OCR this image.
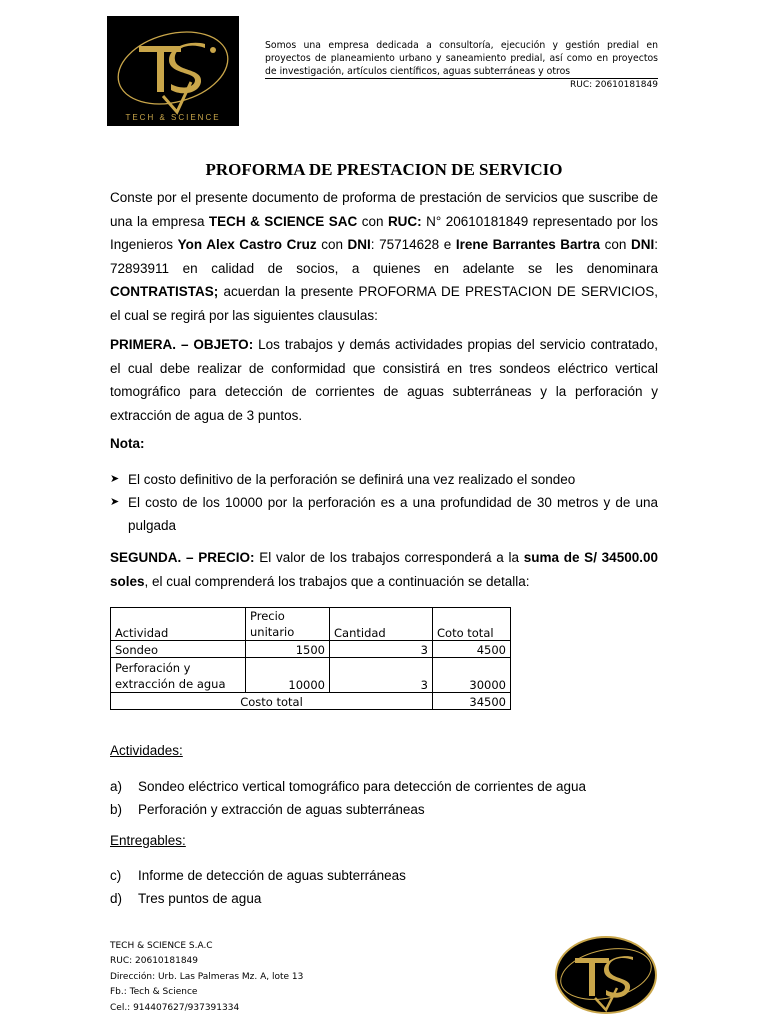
TECH & SCIENCE
Somos una empresa dedicada a consultoría, ejecución y gestión predial en proyectos de planeamiento urbano y saneamiento predial, así como en proyectos de investigación, artículos científicos, aguas subterráneas y otros
RUC: 20610181849
PROFORMA DE PRESTACION DE SERVICIO
Conste por el presente documento de proforma de prestación de servicios que suscribe de una la empresa TECH & SCIENCE SAC con RUC: N° 20610181849 representado por los Ingenieros Yon Alex Castro Cruz con DNI: 75714628 e Irene Barrantes Bartra con DNI: 72893911 en calidad de socios, a quienes en adelante se les denominara CONTRATISTAS; acuerdan la presente PROFORMA DE PRESTACION DE SERVICIOS, el cual se regirá por las siguientes clausulas:
PRIMERA. – OBJETO: Los trabajos y demás actividades propias del servicio contratado, el cual debe realizar de conformidad que consistirá en tres sondeos eléctrico vertical tomográfico para detección de corrientes de aguas subterráneas y la perforación y extracción de agua de 3 puntos.
Nota:
➤ El costo definitivo de la perforación se definirá una vez realizado el sondeo
➤ El costo de los 10000 por la perforación es a una profundidad de 30 metros y de una pulgada
SEGUNDA. – PRECIO: El valor de los trabajos corresponderá a la suma de S/ 34500.00 soles, el cual comprenderá los trabajos que a continuación se detalla:
Actividad	Precio unitario	Cantidad	Coto total
Sondeo	1500	3	4500
Perforación y extracción de agua	10000	3	30000
Costo total			34500
Actividades:
a)	Sondeo eléctrico vertical tomográfico para detección de corrientes de agua
b)	Perforación y extracción de aguas subterráneas
Entregables:
c)	Informe de detección de aguas subterráneas
d)	Tres puntos de agua
TECH & SCIENCE S.A.C
RUC: 20610181849
Dirección: Urb. Las Palmeras Mz. A, lote 13
Fb.: Tech & Science
Cel.: 914407627/937391334
